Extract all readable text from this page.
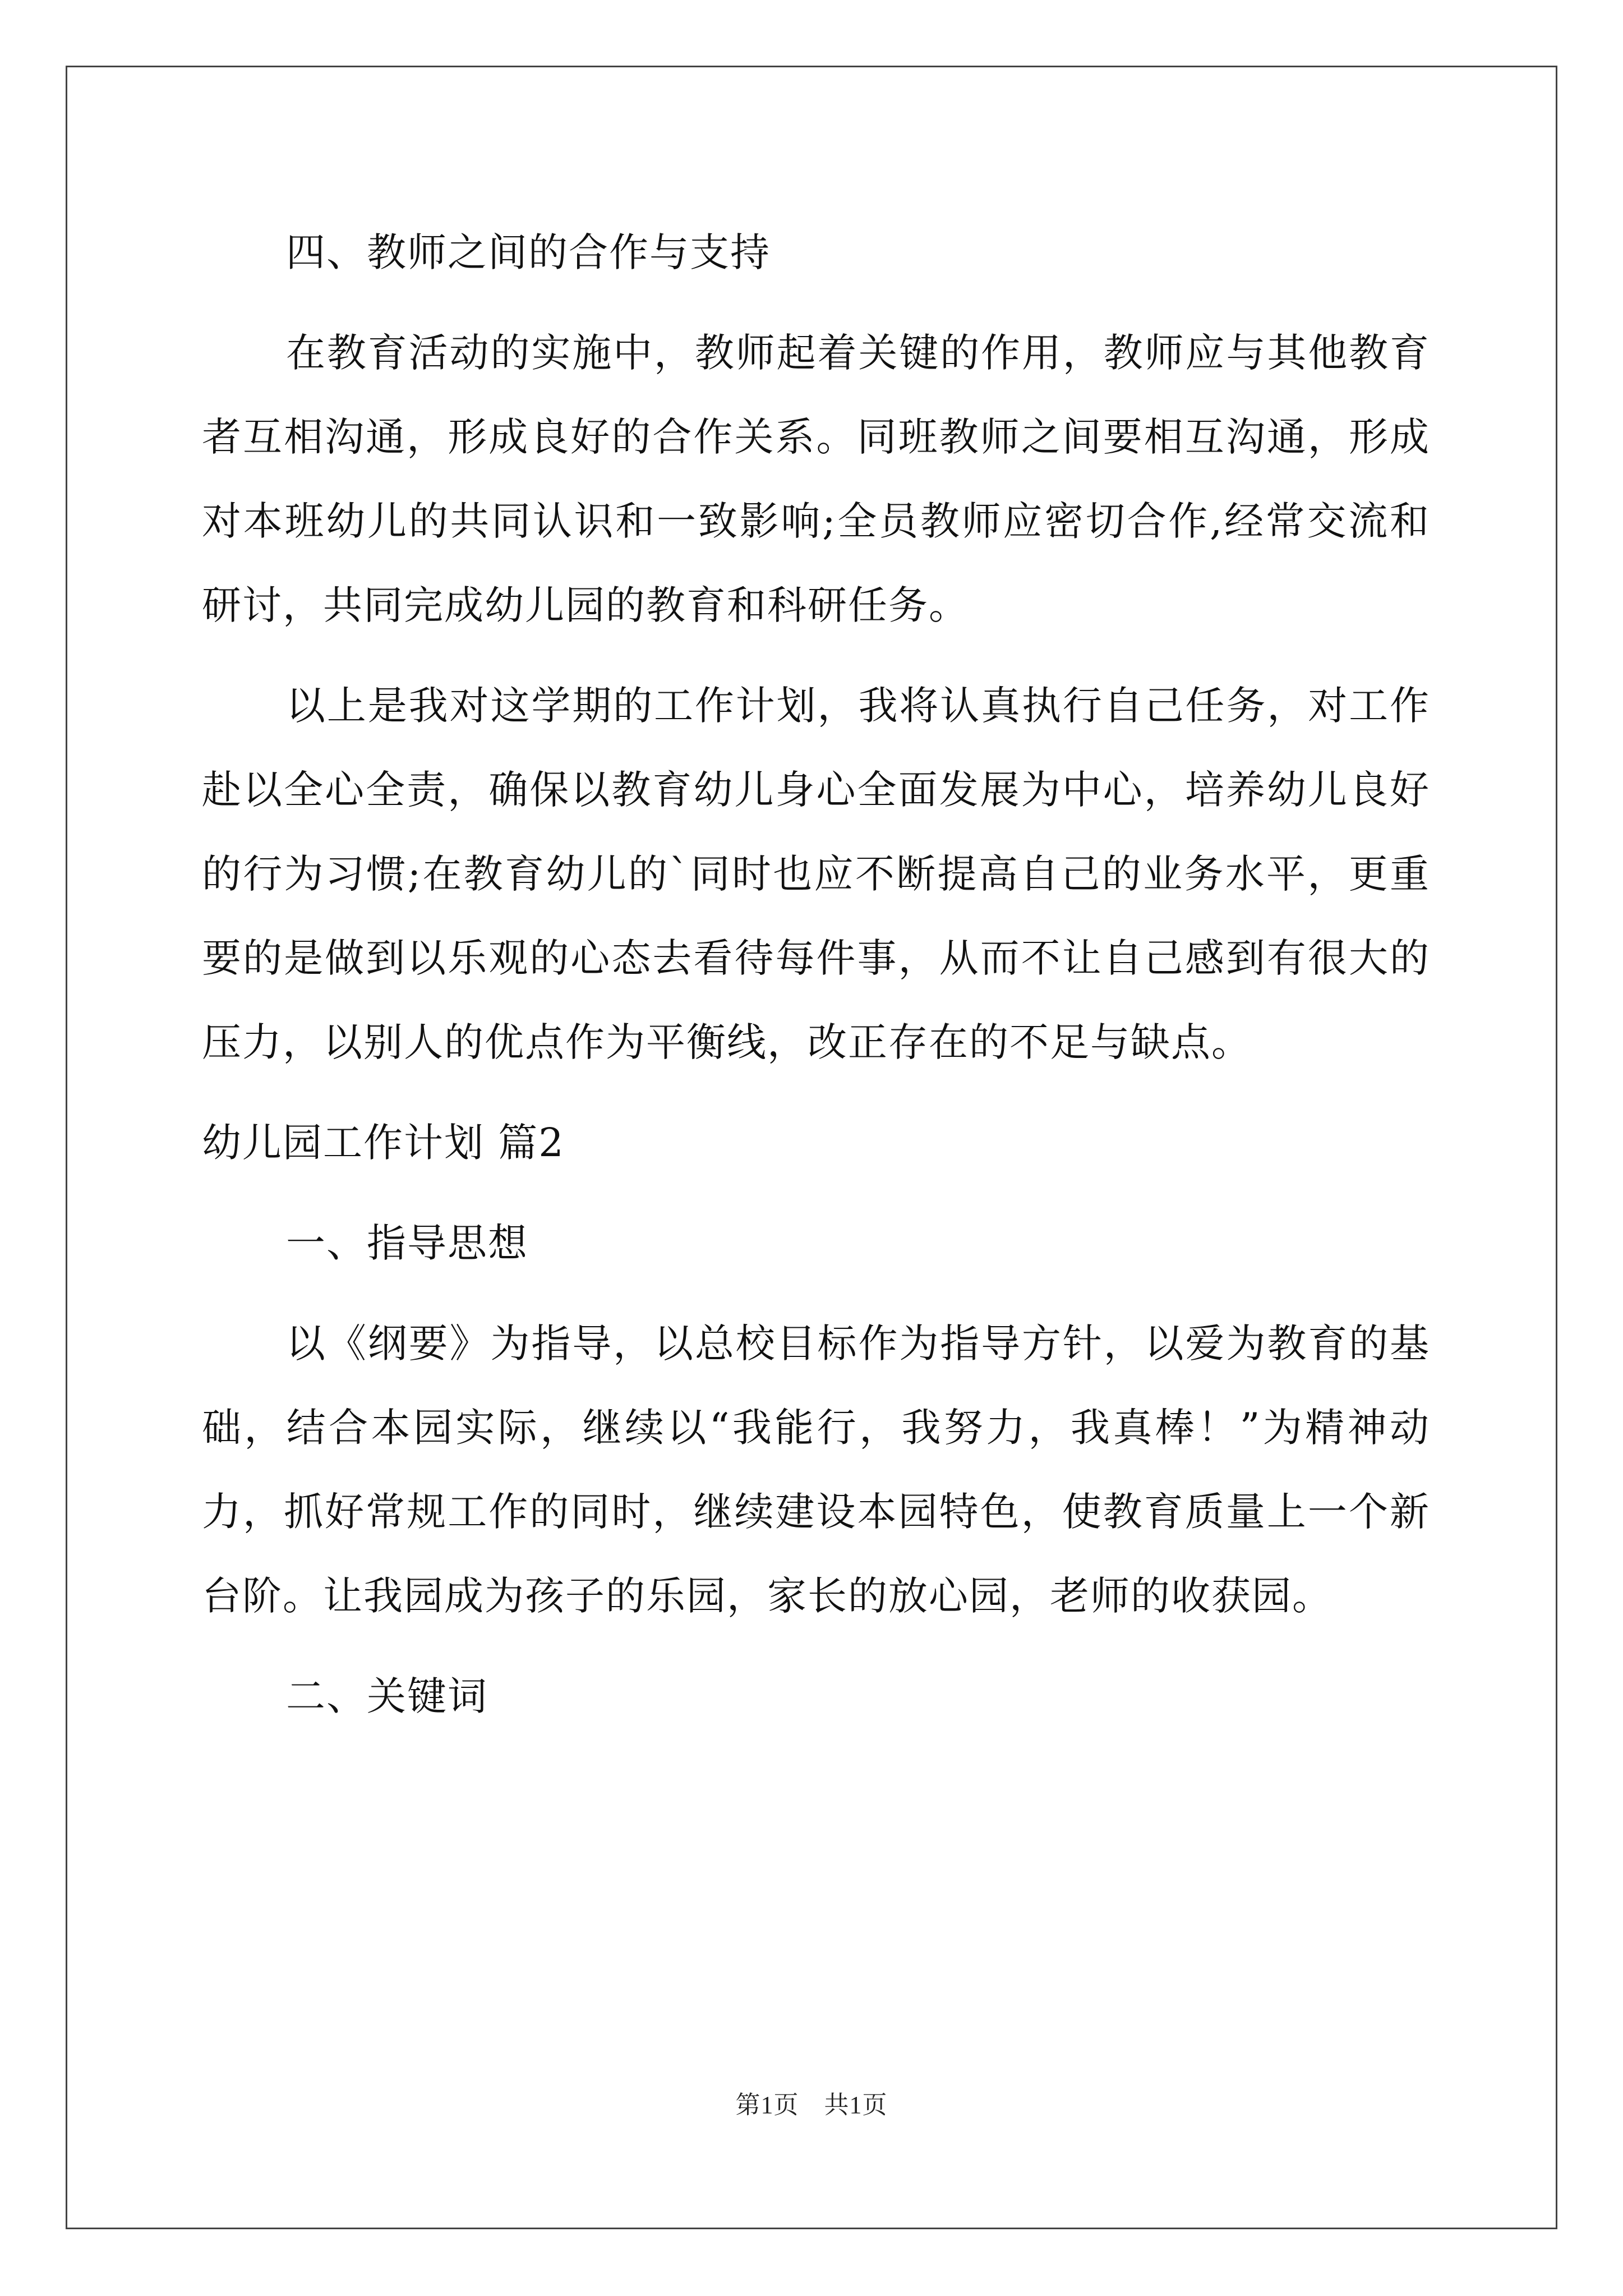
四、教师之间的合作与支持

在教育活动的实施中，教师起着关键的作用，教师应与其他教育者互相沟通，形成良好的合作关系。同班教师之间要相互沟通，形成对本班幼儿的共同认识和一致影响;全员教师应密切合作,经常交流和研讨，共同完成幼儿园的教育和科研任务。

以上是我对这学期的工作计划，我将认真执行自己任务，对工作赴以全心全责，确保以教育幼儿身心全面发展为中心，培养幼儿良好的行为习惯;在教育幼儿的`同时也应不断提高自己的业务水平，更重要的是做到以乐观的心态去看待每件事，从而不让自己感到有很大的压力，以别人的优点作为平衡线，改正存在的不足与缺点。

幼儿园工作计划 篇2

一、指导思想

以《纲要》为指导，以总校目标作为指导方针，以爱为教育的基础，结合本园实际，继续以“我能行，我努力，我真棒！”为精神动力，抓好常规工作的同时，继续建设本园特色，使教育质量上一个新台阶。让我园成为孩子的乐园，家长的放心园，老师的收获园。

二、关键词

第1页　共1页
